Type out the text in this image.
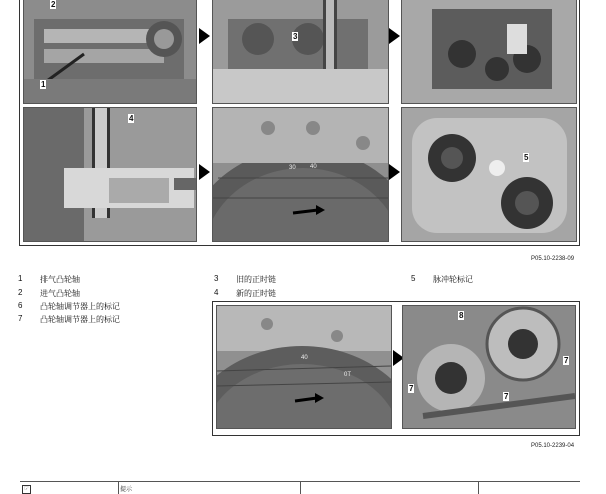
1
2
3
4
5
30 40
P05.10-2238-09
1 排气凸轮轴
2 进气凸轮轴
3 旧的正时链
4 新的正时链
5 脉冲轮标记
6 凸轮轴调节器上的标记
7 凸轮轴调节器上的标记	8
7
7
7
40
0T
P05.10-2239-04
☞	提示
